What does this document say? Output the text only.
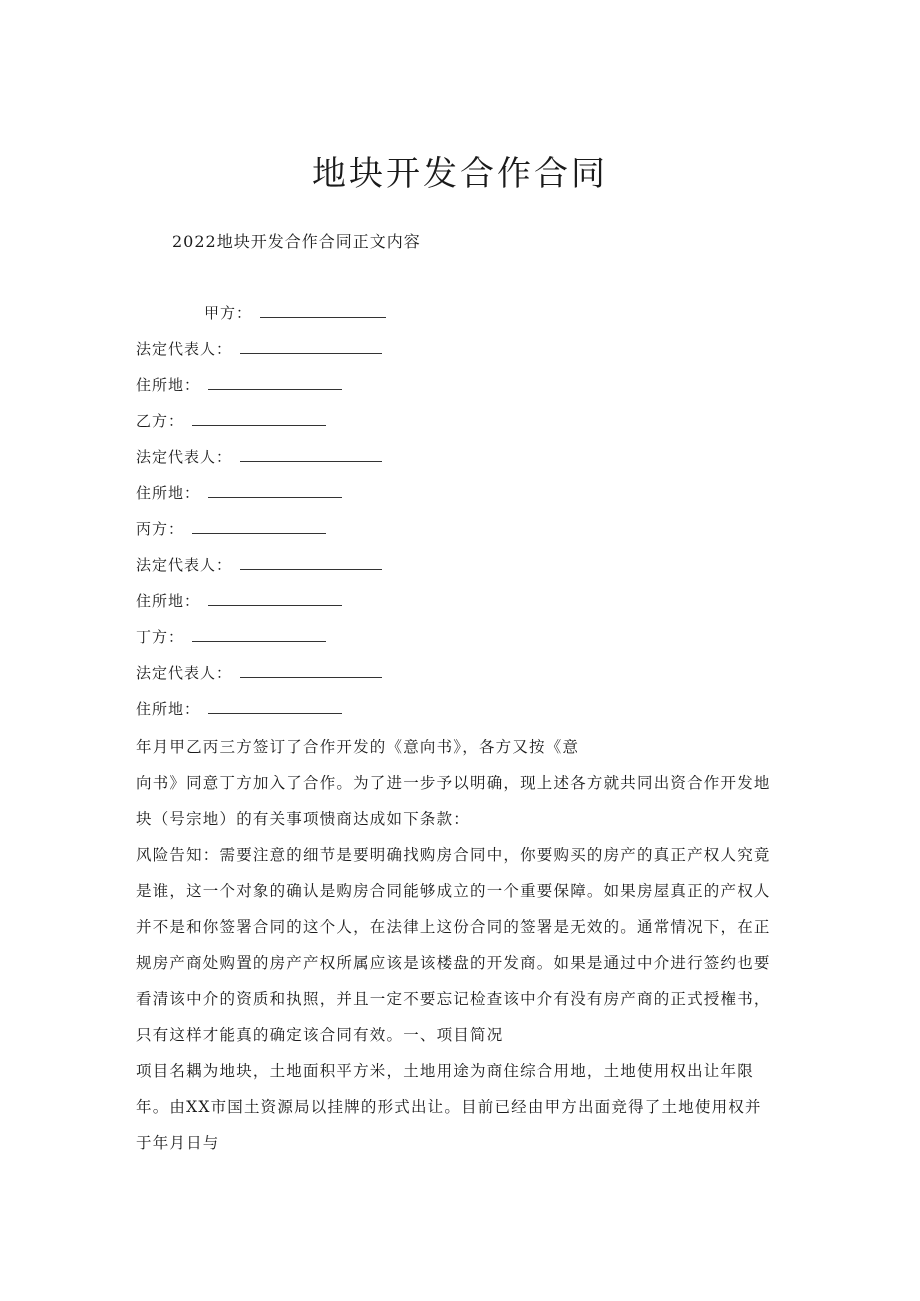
地块开发合作合同
2022地块开发合作合同正文内容
甲方：
法定代表人：
住所地：
乙方：
法定代表人：
住所地：
丙方：
法定代表人：
住所地：
丁方：
法定代表人：
住所地：

年月甲乙丙三方签订了合作开发的《意向书》，各方又按《意

向书》同意丁方加入了合作。为了进一步予以明确，现上述各方就共同出资合作开发地

块（号宗地）的有关事项愦商达成如下条款：

风险告知：需要注意的细节是要明确找购房合同中，你要购买的房产的真正产权人究竟

是谁，这一个对象的确认是购房合同能够成立的一个重要保障。如果房屋真正的产权人

并不是和你签署合同的这个人，在法律上这份合同的签署是无效的。通常情况下，在正

规房产商处购置的房产产权所属应该是该楼盘的开发商。如果是通过中介进行签约也要

看清该中介的资质和执照，并且一定不要忘记检查该中介有没有房产商的正式授権书，

只有这样才能真的确定该合同有效。一、项目简况

项目名耦为地块，土地面积平方米，土地用途为商住综合用地，土地使用权出让年限

年。由XX市国土资源局以挂牌的形式出让。目前已经由甲方出面竞得了土地使用权并

于年月日与
